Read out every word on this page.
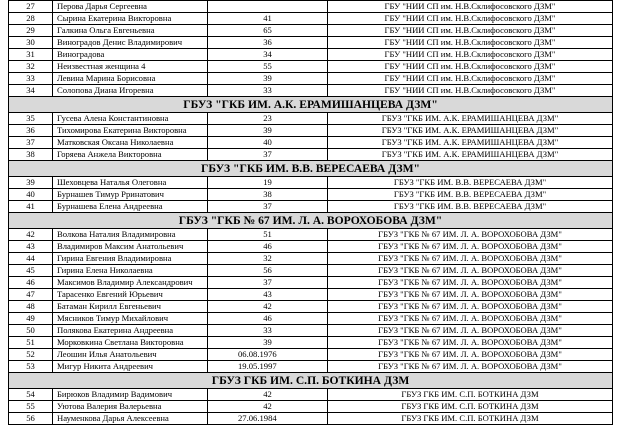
27	Перова Дарья Сергеевна		ГБУ "НИИ СП им. Н.В.Склифосовского ДЗМ"
28	Сырина Екатерина Викторовна	41	ГБУ "НИИ СП им. Н.В.Склифосовского ДЗМ"
29	Галкина Ольга Евгеньевна	65	ГБУ "НИИ СП им. Н.В.Склифосовского ДЗМ"
30	Виноградов Денис Владимирович	36	ГБУ "НИИ СП им. Н.В.Склифосовского ДЗМ"
31	Виноградова	34	ГБУ "НИИ СП им. Н.В.Склифосовского ДЗМ"
32	Неизвестная женщина 4	55	ГБУ "НИИ СП им. Н.В.Склифосовского ДЗМ"
33	Левина Марина Борисовна	39	ГБУ "НИИ СП им. Н.В.Склифосовского ДЗМ"
34	Солопова Диана Игоревна	33	ГБУ "НИИ СП им. Н.В.Склифосовского ДЗМ"
ГБУЗ "ГКБ ИМ. А.К. ЕРАМИШАНЦЕВА ДЗМ"			
35	Гусева Алена Константиновна	23	ГБУЗ "ГКБ ИМ. А.К. ЕРАМИШАНЦЕВА ДЗМ"
36	Тихомирова Екатерина Викторовна	39	ГБУЗ "ГКБ ИМ. А.К. ЕРАМИШАНЦЕВА ДЗМ"
37	Матковская Оксана Николаевна	40	ГБУЗ "ГКБ ИМ. А.К. ЕРАМИШАНЦЕВА ДЗМ"
38	Горяева Анжела Викторовна	37	ГБУЗ "ГКБ ИМ. А.К. ЕРАМИШАНЦЕВА ДЗМ"
ГБУЗ "ГКБ ИМ. В.В. ВЕРЕСАЕВА ДЗМ"			
39	Шеховцева Наталья Олеговна	19	ГБУЗ "ГКБ ИМ. В.В. ВЕРЕСАЕВА ДЗМ"
40	Бурнашев Тимур Рринатович	38	ГБУЗ "ГКБ ИМ. В.В. ВЕРЕСАЕВА ДЗМ"
41	Бурнашева Елена Андреевна	37	ГБУЗ "ГКБ ИМ. В.В. ВЕРЕСАЕВА ДЗМ"
ГБУЗ "ГКБ № 67 ИМ. Л. А. ВОРОХОБОВА ДЗМ"			
42	Волкова Наталия Владимировна	51	ГБУЗ "ГКБ № 67 ИМ. Л. А. ВОРОХОБОВА ДЗМ"
43	Владимиров Максим Анатольевич	46	ГБУЗ "ГКБ № 67 ИМ. Л. А. ВОРОХОБОВА ДЗМ"
44	Гирина Евгения Владимировна	32	ГБУЗ "ГКБ № 67 ИМ. Л. А. ВОРОХОБОВА ДЗМ"
45	Гирина Елена Николаевна	56	ГБУЗ "ГКБ № 67 ИМ. Л. А. ВОРОХОБОВА ДЗМ"
46	Максимов Владимир Александрович	37	ГБУЗ "ГКБ № 67 ИМ. Л. А. ВОРОХОБОВА ДЗМ"
47	Тарасенко Евгений Юрьевич	43	ГБУЗ "ГКБ № 67 ИМ. Л. А. ВОРОХОБОВА ДЗМ"
48	Батаман Кирилл Евгеньевич	42	ГБУЗ "ГКБ № 67 ИМ. Л. А. ВОРОХОБОВА ДЗМ"
49	Мясников Тимур Михайлович	46	ГБУЗ "ГКБ № 67 ИМ. Л. А. ВОРОХОБОВА ДЗМ"
50	Полякова Екатерина Андреевна	33	ГБУЗ "ГКБ № 67 ИМ. Л. А. ВОРОХОБОВА ДЗМ"
51	Морковкина Светлана Викторовна	39	ГБУЗ "ГКБ № 67 ИМ. Л. А. ВОРОХОБОВА ДЗМ"
52	Леошин Илья Анатольевич	06.08.1976	ГБУЗ "ГКБ № 67 ИМ. Л. А. ВОРОХОБОВА ДЗМ"
53	Мигур Никита Андреевич	19.05.1997	ГБУЗ "ГКБ № 67 ИМ. Л. А. ВОРОХОБОВА ДЗМ"
ГБУЗ ГКБ ИМ. С.П. БОТКИНА ДЗМ			
54	Бирюков Владимир Вадимович	42	ГБУЗ ГКБ ИМ. С.П. БОТКИНА ДЗМ
55	Уютова Валерия Валерьевна	42	ГБУЗ ГКБ ИМ. С.П. БОТКИНА ДЗМ
56	Науменкова Дарья Алексеевна	27.06.1984	ГБУЗ ГКБ ИМ. С.П. БОТКИНА ДЗМ
